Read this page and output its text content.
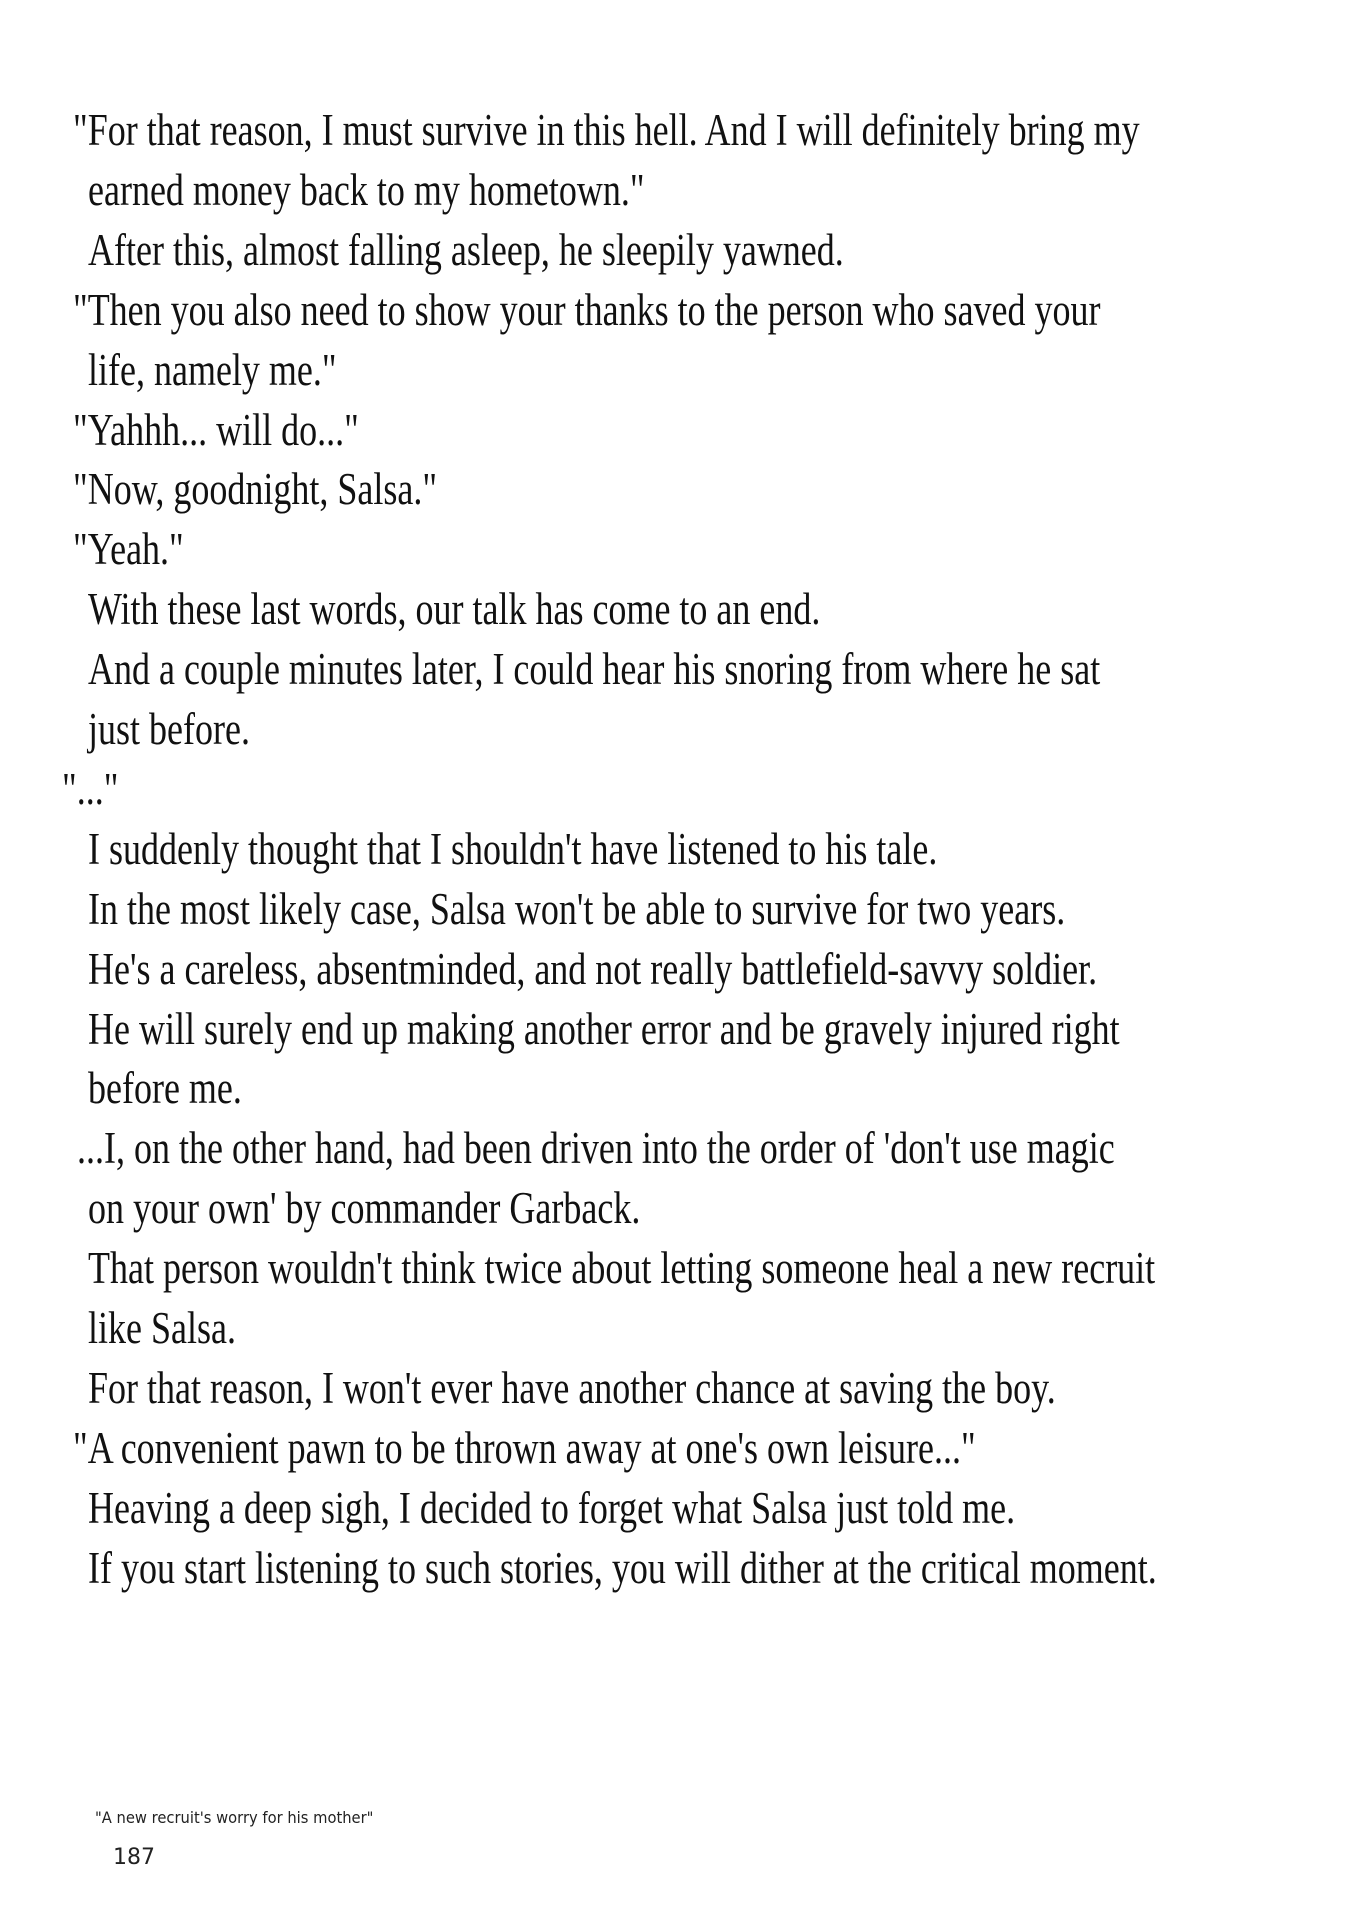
"For that reason, I must survive in this hell. And I will definitely bring my
earned money back to my hometown."
After this, almost falling asleep, he sleepily yawned.
"Then you also need to show your thanks to the person who saved your
life, namely me."
"Yahhh... will do..."
"Now, goodnight, Salsa."
"Yeah."
With these last words, our talk has come to an end.
And a couple minutes later, I could hear his snoring from where he sat
just before.
"..."
I suddenly thought that I shouldn't have listened to his tale.
In the most likely case, Salsa won't be able to survive for two years.
He's a careless, absentminded, and not really battlefield-savvy soldier.
He will surely end up making another error and be gravely injured right
before me.
...I, on the other hand, had been driven into the order of 'don't use magic
on your own' by commander Garback.
That person wouldn't think twice about letting someone heal a new recruit
like Salsa.
For that reason, I won't ever have another chance at saving the boy.
"A convenient pawn to be thrown away at one's own leisure..."
Heaving a deep sigh, I decided to forget what Salsa just told me.
If you start listening to such stories, you will dither at the critical moment.
"A new recruit's worry for his mother"
187
